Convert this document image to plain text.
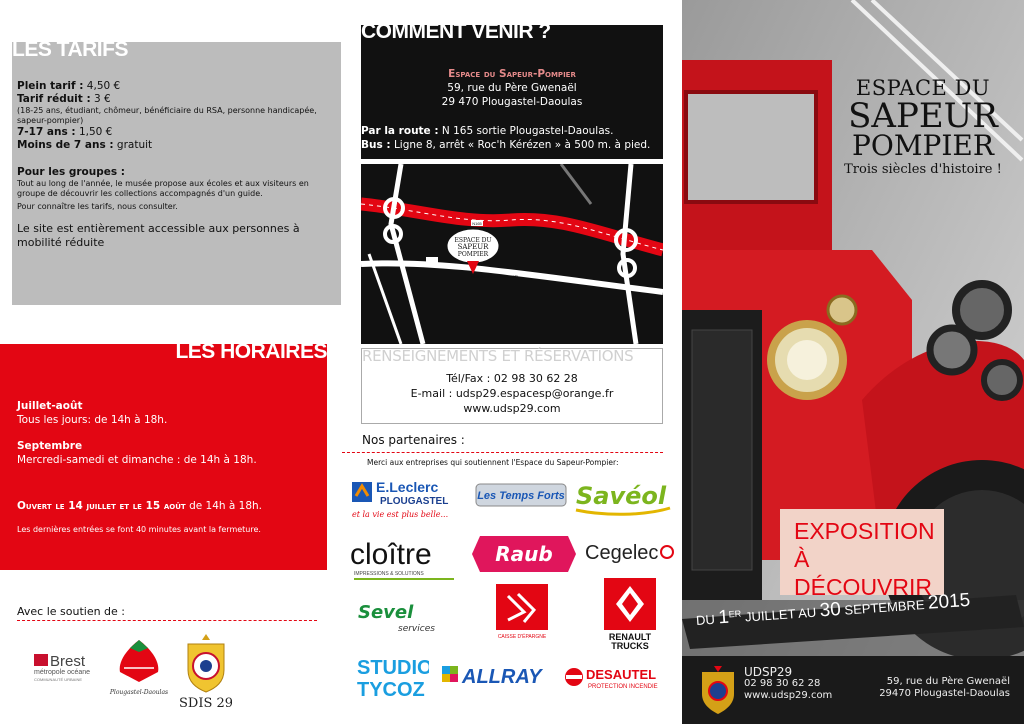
LES TARIFS
Plein tarif : 4,50 €
Tarif réduit : 3 €
(18-25 ans, étudiant, chômeur, bénéficiaire du RSA, personne handicapée, sapeur-pompier)
7-17 ans : 1,50 €
Moins de 7 ans : gratuit
Pour les groupes :
Tout au long de l'année, le musée propose aux écoles et aux visiteurs en groupe de découvrir les collections accompagnés d'un guide.
Pour connaître les tarifs, nous consulter.
Le site est entièrement accessible aux personnes à mobilité réduite
LES HORAIRES
Juillet-août
Tous les jours: de 14h à 18h.
Septembre
Mercredi-samedi et dimanche : de 14h à 18h.
Ouvert le 14 juillet et le 15 août de 14h à 18h.
Les dernières entrées se font 40 minutes avant la fermeture.
Avec le soutien de :
Brest
métropole océane
COMMUNAUTÉ URBAINE
Plougastel-Daoulas
SDIS 29
COMMENT VENIR ?
Espace du Sapeur-Pompier
59, rue du Père Gwenaël
29 470 Plougastel-Daoulas
Par la route : N 165 sortie Plougastel-Daoulas.
Bus : Ligne 8, arrêt « Roc'h Kérézen » à 500 m. à pied.
ESPACE DU
SAPEUR
POMPIER
RUE DU PÈRE GWENAËL
N165
RENSEIGNEMENTS ET RÉSERVATIONS
Tél/Fax : 02 98 30 62 28
E-mail : udsp29.espacesp@orange.fr
www.udsp29.com
Nos partenaires :
Merci aux entreprises qui soutiennent l'Espace du Sapeur-Pompier:
E.Leclerc
PLOUGASTEL
et la vie est plus belle...
Les Temps Forts Savéol
cloître
IMPRESSIONS & SOLUTIONS
Raub Cegelec
Sevel
services
CAISSE D'ÉPARGNE	RENAULT
TRUCKS
STUDIO
TYCOZ
ALLRAY	DESAUTEL
PROTECTION INCENDIE
ESPACE DU
SAPEUR
POMPIER
Trois siècles d'histoire !
EXPOSITION
À DÉCOUVRIR
DU 1ER JUILLET AU 30 SEPTEMBRE 2015
UDSP29
02 98 30 62 28
www.udsp29.com
59, rue du Père Gwenaël
29470 Plougastel-Daoulas
